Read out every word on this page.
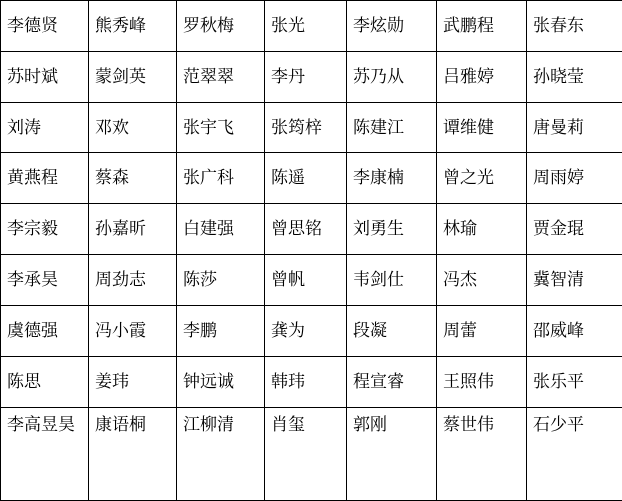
李德贤	熊秀峰	罗秋梅	张光	李炫勋	武鹏程	张春东
苏时斌	蒙剑英	范翠翠	李丹	苏乃从	吕雅婷	孙晓莹
刘涛	邓欢	张宇飞	张筠梓	陈建江	谭维健	唐曼莉
黄燕程	蔡森	张广科	陈遥	李康楠	曾之光	周雨婷
李宗毅	孙嘉昕	白建强	曾思铭	刘勇生	林瑜	贾金琨
李承昊	周劲志	陈莎	曾帆	韦剑仕	冯杰	冀智清
虞德强	冯小霞	李鹏	龚为	段凝	周蕾	邵威峰
陈思	姜玮	钟远诚	韩玮	程宣睿	王照伟	张乐平
李高昱昊	康语桐	江柳清	肖玺	郭刚	蔡世伟	石少平
